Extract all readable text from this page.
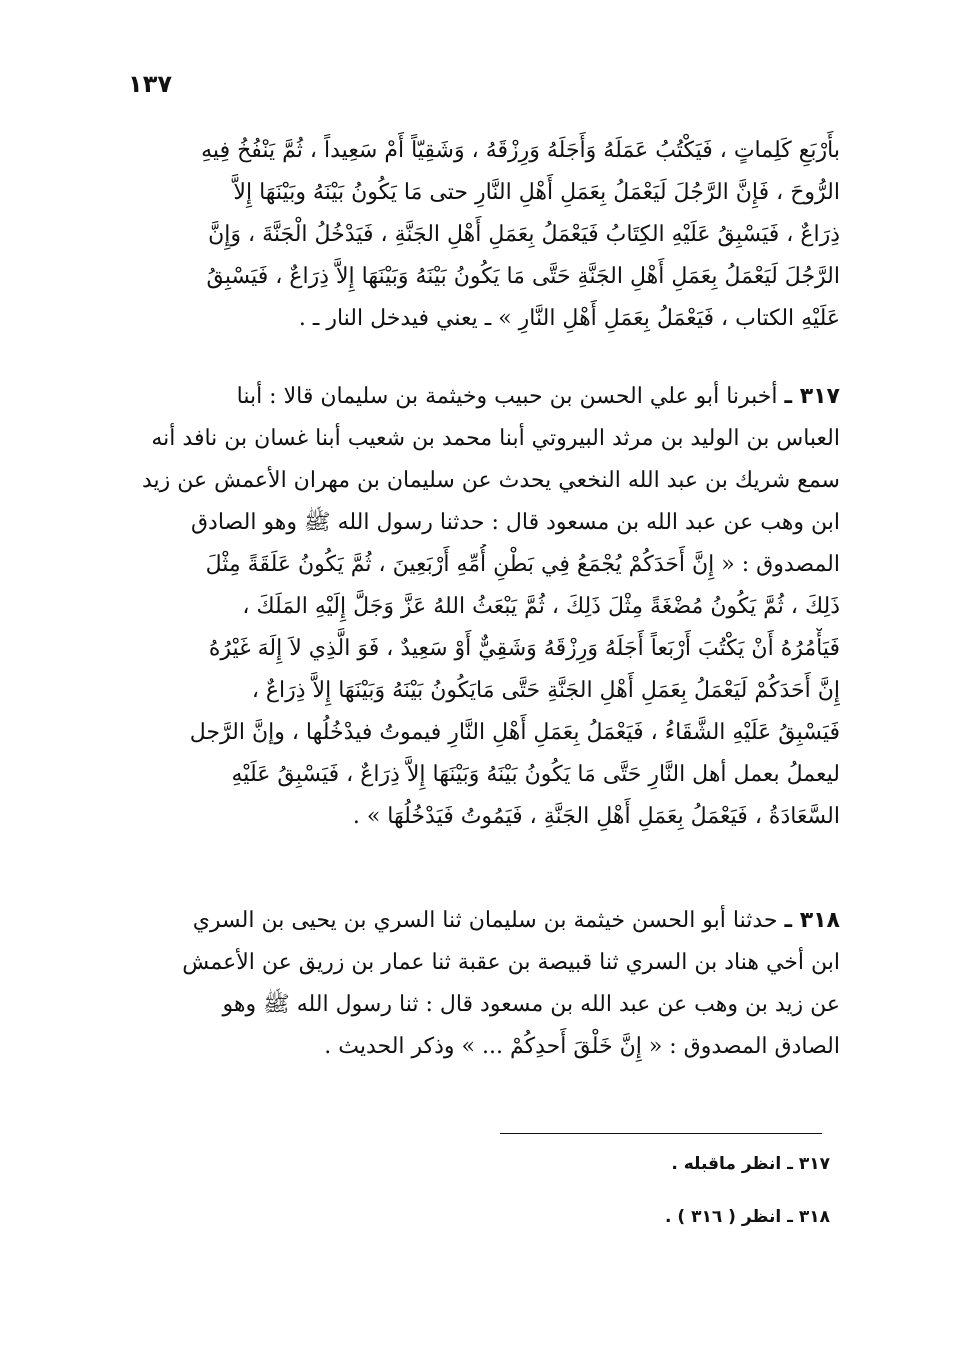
١٣٧
بأَرْبَعِ كَلِماتٍ ، فَيَكْتُبُ عَمَلَهُ وَأَجَلَهُ وَرِزْقَهُ ، وَشَقِيّاً أَمْ سَعِيداً ، ثُمَّ يَنْفُخُ فِيهِ
الرُّوحَ ، فَإِنَّ الرَّجُلَ لَيَعْمَلُ بِعَمَلِ أَهْلِ النَّارِ حتى مَا يَكُونُ بَيْنَهُ وبَيْنَهَا إِلاَّ
ذِرَاعٌ ، فَيَسْبِقُ عَلَيْهِ الكِتَابُ فَيَعْمَلُ بِعَمَلِ أَهْلِ الجَنَّةِ ، فَيَدْخُلُ الْجَنَّةَ ، وَإِنَّ
الرَّجُلَ لَيَعْمَلُ بِعَمَلِ أَهْلِ الجَنَّةِ حَتَّى مَا يَكُونُ بَيْنَهُ وَبَيْنَهَا إِلاَّ ذِرَاعٌ ، فَيَسْبِقُ
عَلَيْهِ الكتاب ، فَيَعْمَلُ بِعَمَلِ أَهْلِ النَّارِ » ـ يعني فيدخل النار ـ .
٣١٧ ـ أخبرنا أبو علي الحسن بن حبيب وخيثمة بن سليمان قالا : أبنا
العباس بن الوليد بن مرثد البيروتي أبنا محمد بن شعيب أبنا غسان بن نافد أنه
سمع شريك بن عبد الله النخعي يحدث عن سليمان بن مهران الأعمش عن زيد
ابن وهب عن عبد الله بن مسعود قال : حدثنا رسول الله ﷺ وهو الصادق
المصدوق : « إِنَّ أَحَدَكُمْ يُجْمَعُ فِي بَطْنِ أُمِّهِ أَرْبَعِينَ ، ثُمَّ يَكُونُ عَلَقَةً مِثْلَ
ذَلِكَ ، ثُمَّ يَكُونُ مُضْغَةً مِثْلَ ذَلِكَ ، ثُمَّ يَبْعَثُ اللهُ عَزَّ وَجَلَّ إِلَيْهِ المَلَكَ ،
فَيَأْمُرُهُ أَنْ يَكْتُبَ أَرْبَعاً أَجَلَهُ وَرِزْقَهُ وَشَقِيٌّ أَوْ سَعِيدٌ ، فَوَ الَّذِي لاَ إِلَهَ غَيْرُهُ
إِنَّ أَحَدَكُمْ لَيَعْمَلُ بِعَمَلِ أَهْلِ الجَنَّةِ حَتَّى مَايَكُونُ بَيْنَهُ وَبَيْنَهَا إِلاَّ ذِرَاعٌ ،
فَيَسْبِقُ عَلَيْهِ الشَّقَاءُ ، فَيَعْمَلُ بِعَمَلِ أَهْلِ النَّارِ فيموتُ فيدْخُلُها ، وإنَّ الرَّجل
ليعملُ بعمل أهل النَّارِ حَتَّى مَا يَكُونُ بَيْنَهُ وَبَيْنَهَا إِلاَّ ذِرَاعٌ ، فَيَسْبِقُ عَلَيْهِ
السَّعَادَةُ ، فَيَعْمَلُ بِعَمَلِ أَهْلِ الجَنَّةِ ، فَيَمُوتُ فَيَدْخُلُهَا » .
٣١٨ ـ حدثنا أبو الحسن خيثمة بن سليمان ثنا السري بن يحيى بن السري
ابن أخي هناد بن السري ثنا قبيصة بن عقبة ثنا عمار بن زريق عن الأعمش
عن زيد بن وهب عن عبد الله بن مسعود قال : ثنا رسول الله ﷺ وهو
الصادق المصدوق : « إِنَّ خَلْقَ أَحدِكُمْ ... » وذكر الحديث .
٣١٧ ـ انظر ماقبله .
٣١٨ ـ انظر ( ٣١٦ ) .
